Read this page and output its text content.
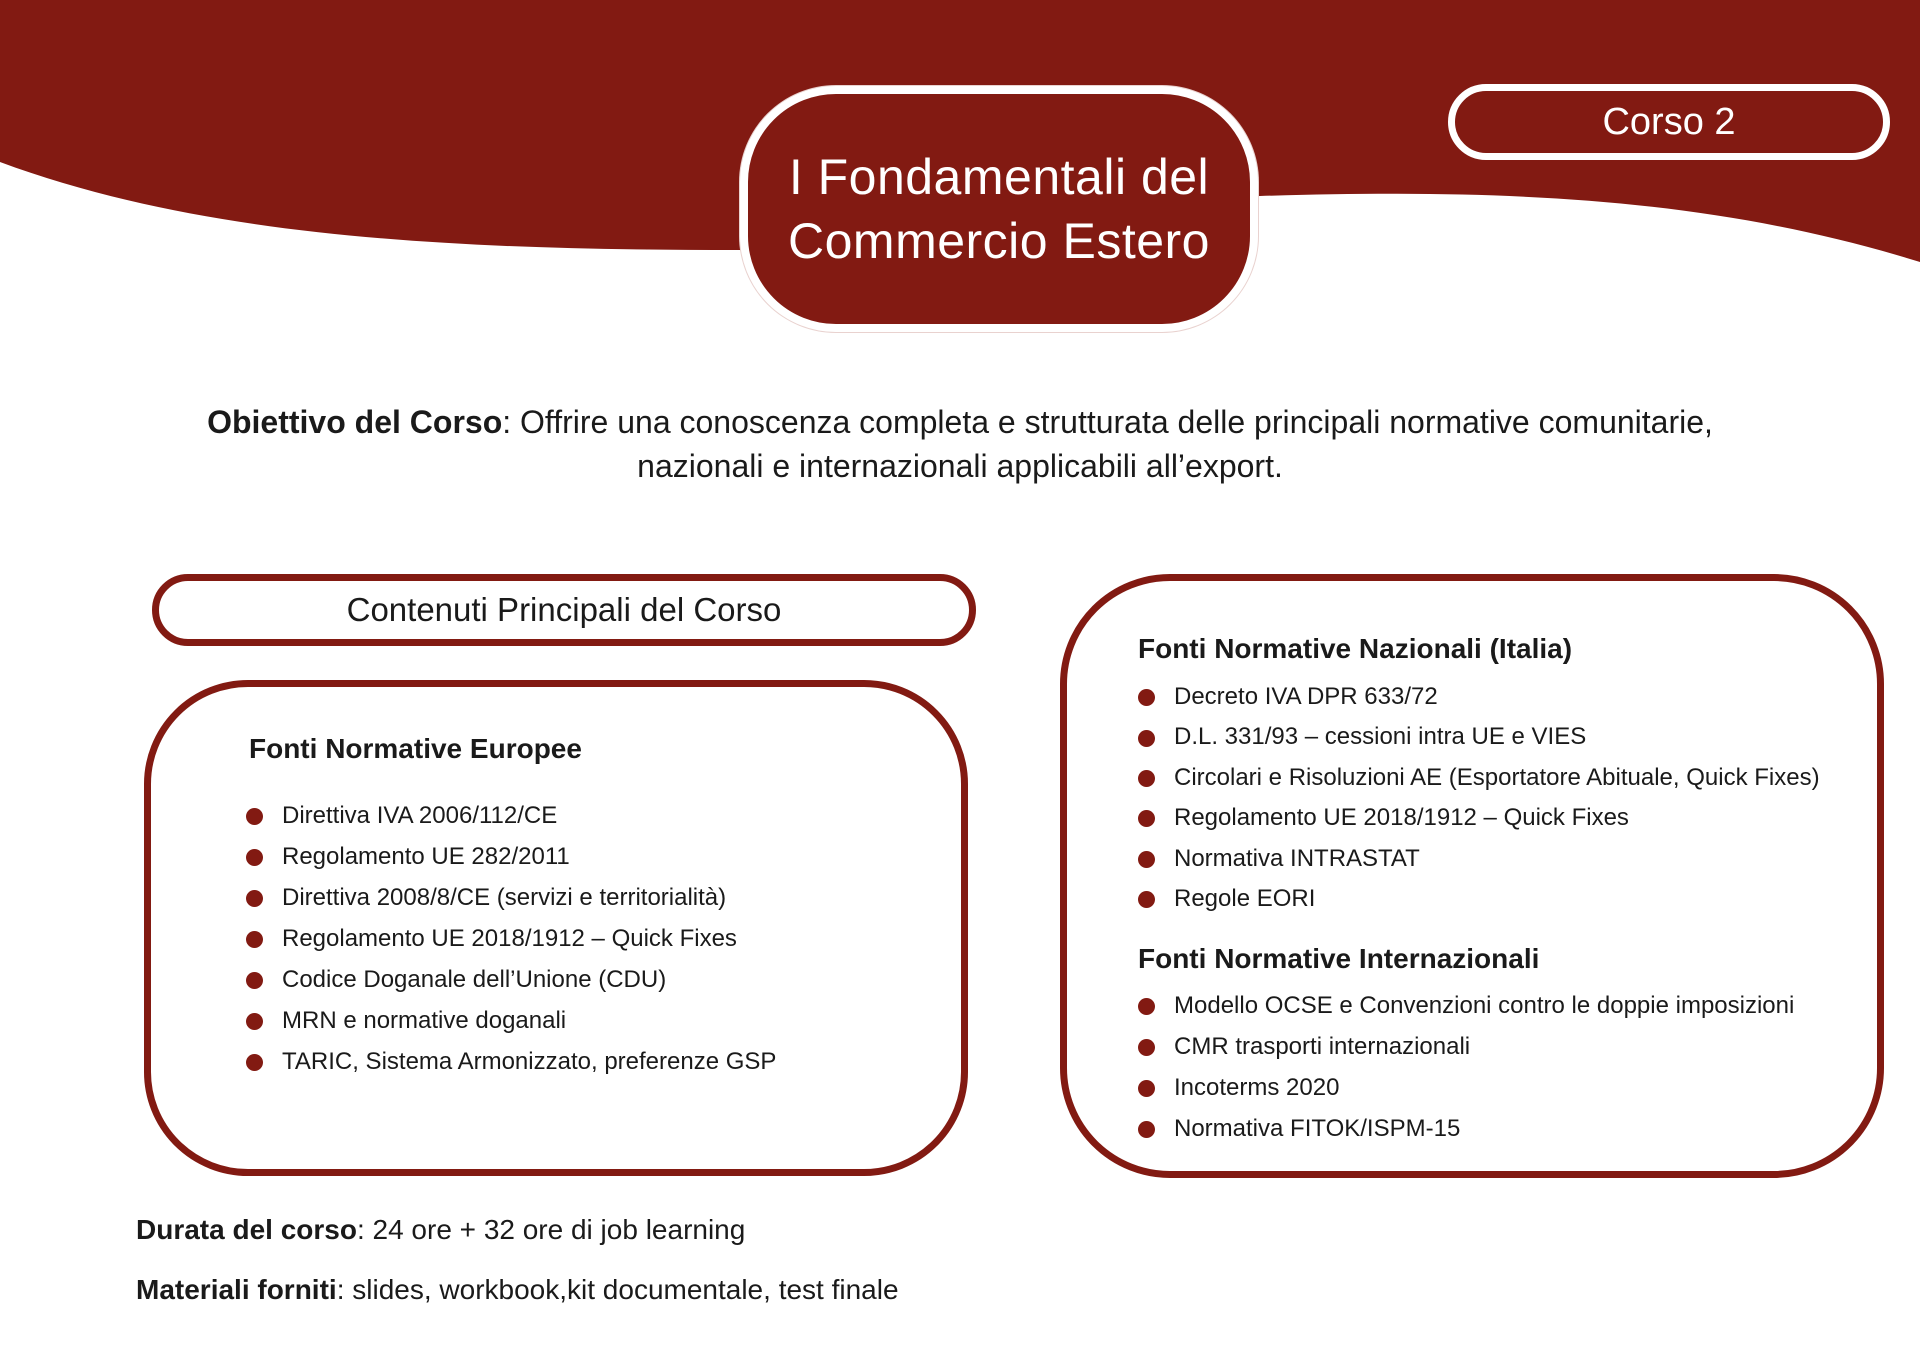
I Fondamentali del
Commercio Estero
Corso 2

Obiettivo del Corso: Offrire una conoscenza completa e strutturata delle principali normative comunitarie, nazionali e internazionali applicabili all’export.

Contenuti Principali del Corso
Fonti Normative Europee
Direttiva IVA 2006/112/CE
Regolamento UE 282/2011
Direttiva 2008/8/CE (servizi e territorialità)
Regolamento UE 2018/1912 – Quick Fixes
Codice Doganale dell’Unione (CDU)
MRN e normative doganali
TARIC, Sistema Armonizzato, preferenze GSP
Fonti Normative Nazionali (Italia)
Decreto IVA DPR 633/72
D.L. 331/93 – cessioni intra UE e VIES
Circolari e Risoluzioni AE (Esportatore Abituale, Quick Fixes)
Regolamento UE 2018/1912 – Quick Fixes
Normativa INTRASTAT
Regole EORI
Fonti Normative Internazionali
Modello OCSE e Convenzioni contro le doppie imposizioni
CMR trasporti internazionali
Incoterms 2020
Normativa FITOK/ISPM-15

Durata del corso: 24 ore + 32 ore di job learning

Materiali forniti: slides, workbook,kit documentale, test finale
